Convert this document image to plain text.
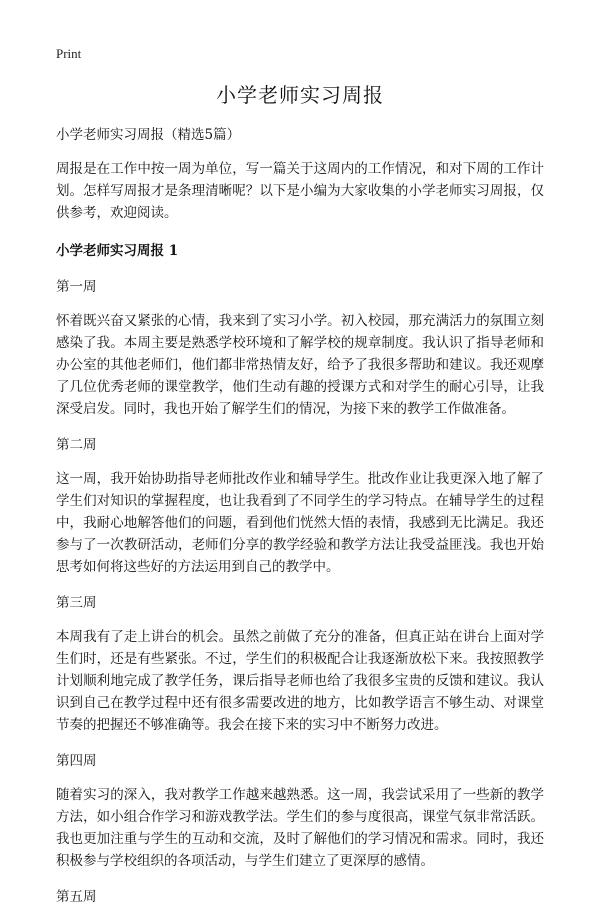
Print
小学老师实习周报

小学老师实习周报（精选5篇）

周报是在工作中按一周为单位，写一篇关于这周内的工作情况，和对下周的工作计划。怎样写周报才是条理清晰呢？以下是小编为大家收集的小学老师实习周报，仅供参考，欢迎阅读。

小学老师实习周报 1

第一周

怀着既兴奋又紧张的心情，我来到了实习小学。初入校园，那充满活力的氛围立刻感染了我。本周主要是熟悉学校环境和了解学校的规章制度。我认识了指导老师和办公室的其他老师们，他们都非常热情友好，给予了我很多帮助和建议。我还观摩了几位优秀老师的课堂教学，他们生动有趣的授课方式和对学生的耐心引导，让我深受启发。同时，我也开始了解学生们的情况，为接下来的教学工作做准备。

第二周

这一周，我开始协助指导老师批改作业和辅导学生。批改作业让我更深入地了解了学生们对知识的掌握程度，也让我看到了不同学生的学习特点。在辅导学生的过程中，我耐心地解答他们的问题，看到他们恍然大悟的表情，我感到无比满足。我还参与了一次教研活动，老师们分享的教学经验和教学方法让我受益匪浅。我也开始思考如何将这些好的方法运用到自己的教学中。

第三周

本周我有了走上讲台的机会。虽然之前做了充分的准备，但真正站在讲台上面对学生们时，还是有些紧张。不过，学生们的积极配合让我逐渐放松下来。我按照教学计划顺利地完成了教学任务，课后指导老师也给了我很多宝贵的反馈和建议。我认识到自己在教学过程中还有很多需要改进的地方，比如教学语言不够生动、对课堂节奏的把握还不够准确等。我会在接下来的实习中不断努力改进。

第四周

随着实习的深入，我对教学工作越来越熟悉。这一周，我尝试采用了一些新的教学方法，如小组合作学习和游戏教学法。学生们的参与度很高，课堂气氛非常活跃。我也更加注重与学生的互动和交流，及时了解他们的学习情况和需求。同时，我还积极参与学校组织的各项活动，与学生们建立了更深厚的感情。

第五周
